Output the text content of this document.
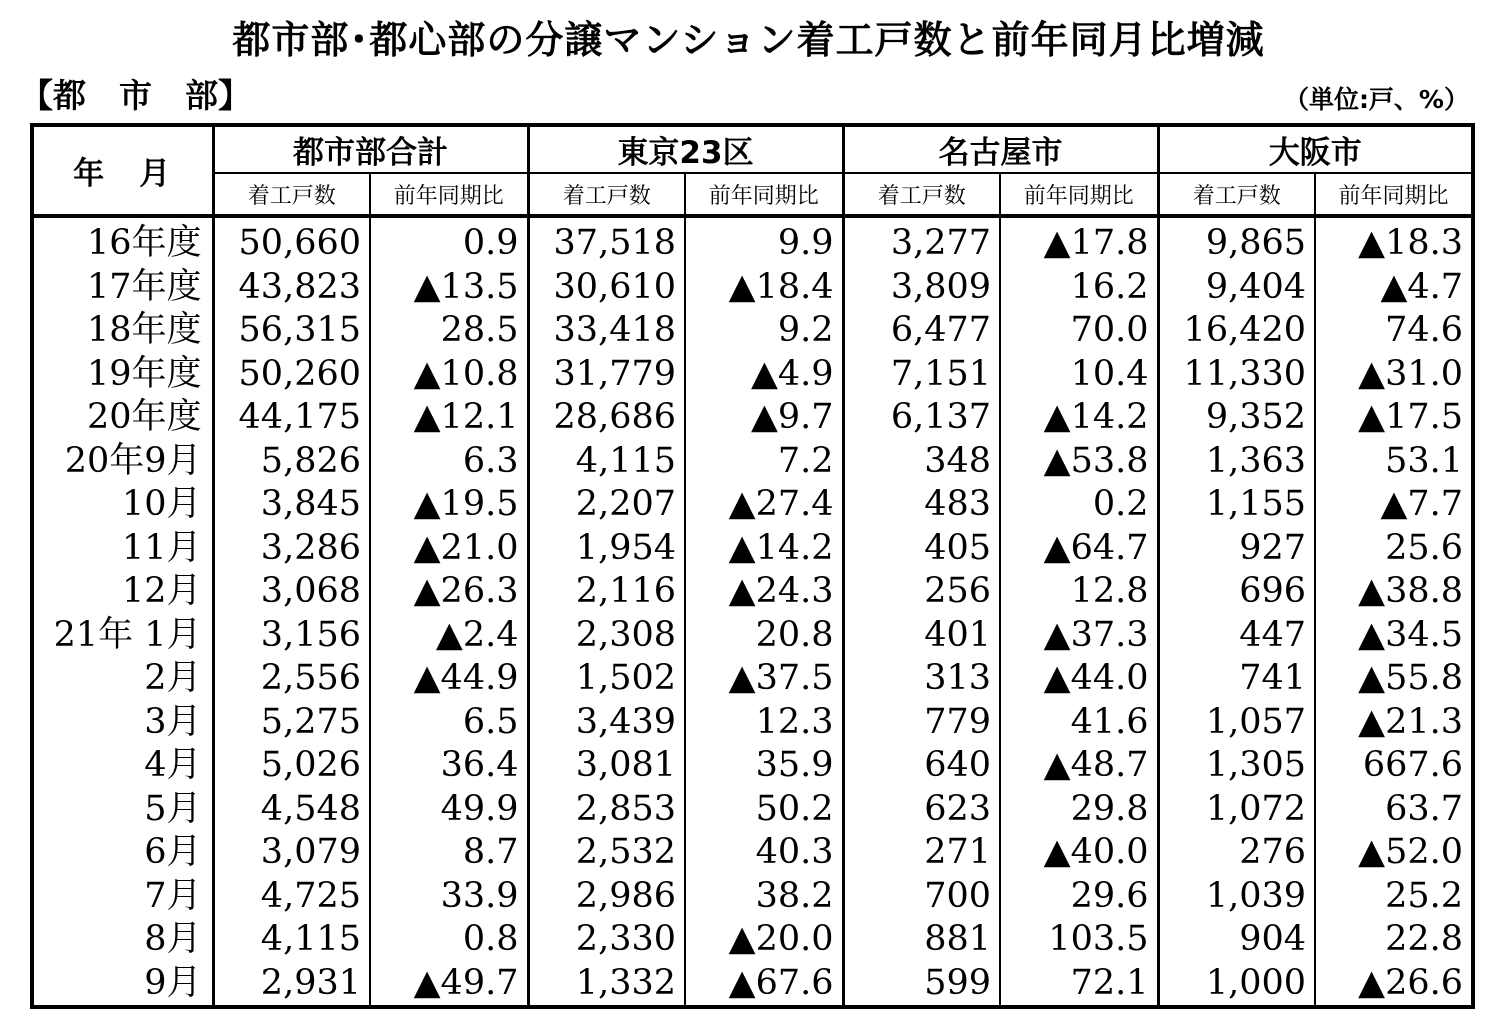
都市部･都心部の分譲マンション着工戸数と前年同月比増減
【都　市　部】	（単位:戸、%）
年　月	都市部合計		東京23区		名古屋市		大阪市	
	着工戸数	前年同期比	着工戸数	前年同期比	着工戸数	前年同期比	着工戸数	前年同期比
16年度	50,660	0.9	37,518	9.9	3,277	▲17.8	9,865	▲18.3
17年度	43,823	▲13.5	30,610	▲18.4	3,809	16.2	9,404	▲4.7
18年度	56,315	28.5	33,418	9.2	6,477	70.0	16,420	74.6
19年度	50,260	▲10.8	31,779	▲4.9	7,151	10.4	11,330	▲31.0
20年度	44,175	▲12.1	28,686	▲9.7	6,137	▲14.2	9,352	▲17.5
20年9月	5,826	6.3	4,115	7.2	348	▲53.8	1,363	53.1
10月	3,845	▲19.5	2,207	▲27.4	483	0.2	1,155	▲7.7
11月	3,286	▲21.0	1,954	▲14.2	405	▲64.7	927	25.6
12月	3,068	▲26.3	2,116	▲24.3	256	12.8	696	▲38.8
21年 1月	3,156	▲2.4	2,308	20.8	401	▲37.3	447	▲34.5
2月	2,556	▲44.9	1,502	▲37.5	313	▲44.0	741	▲55.8
3月	5,275	6.5	3,439	12.3	779	41.6	1,057	▲21.3
4月	5,026	36.4	3,081	35.9	640	▲48.7	1,305	667.6
5月	4,548	49.9	2,853	50.2	623	29.8	1,072	63.7
6月	3,079	8.7	2,532	40.3	271	▲40.0	276	▲52.0
7月	4,725	33.9	2,986	38.2	700	29.6	1,039	25.2
8月	4,115	0.8	2,330	▲20.0	881	103.5	904	22.8
9月	2,931	▲49.7	1,332	▲67.6	599	72.1	1,000	▲26.6
